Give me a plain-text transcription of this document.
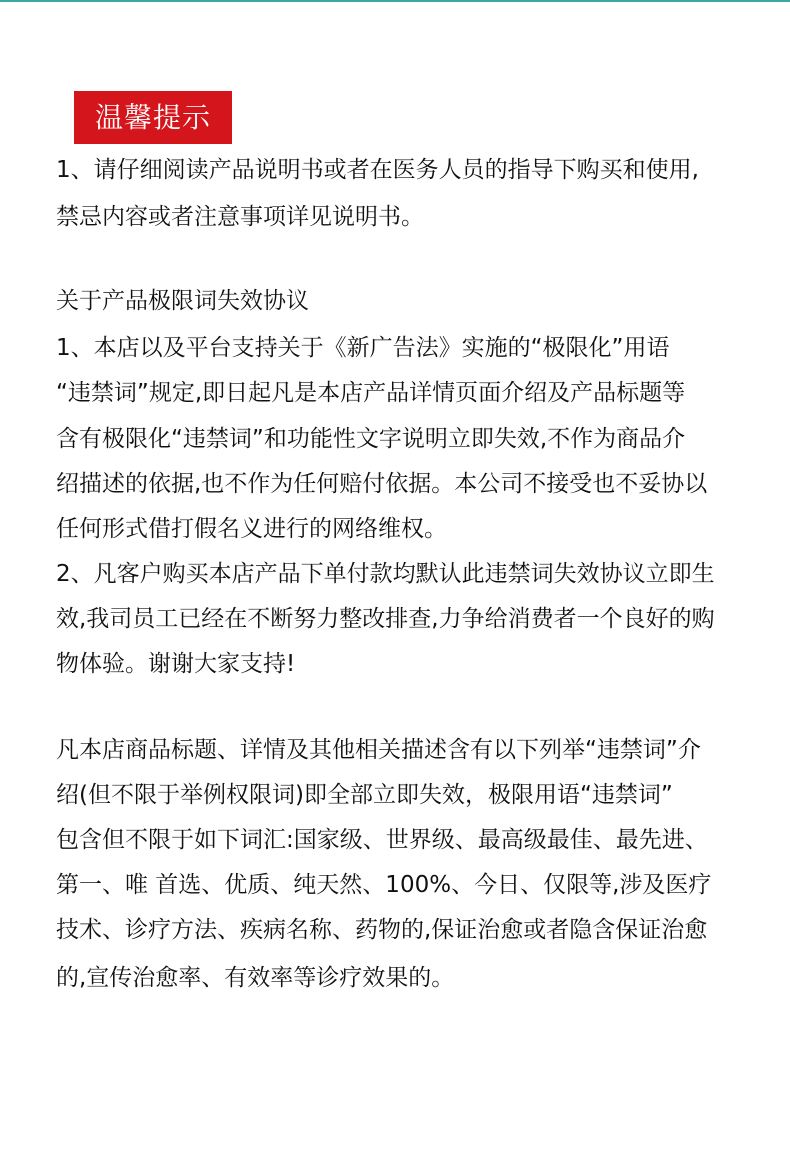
温馨提示
1、请仔细阅读产品说明书或者在医务人员的指导下购买和使用,
禁忌内容或者注意事项详见说明书。
关于产品极限词失效协议
1、本店以及平台支持关于《新广告法》实施的“极限化”用语
“违禁词”规定,即日起凡是本店产品详情页面介绍及产品标题等
含有极限化“违禁词”和功能性文字说明立即失效,不作为商品介
绍描述的依据,也不作为任何赔付依据。本公司不接受也不妥协以
任何形式借打假名义进行的网络维权。
2、凡客户购买本店产品下单付款均默认此违禁词失效协议立即生
效,我司员工已经在不断努力整改排查,力争给消费者一个良好的购
物体验。谢谢大家支持!
凡本店商品标题、详情及其他相关描述含有以下列举“违禁词”介
绍(但不限于举例权限词)即全部立即失效，极限用语“违禁词”
包含但不限于如下词汇:国家级、世界级、最高级最佳、最先进、
第一、唯 首选、优质、纯天然、100%、今日、仅限等,涉及医疗
技术、诊疗方法、疾病名称、药物的,保证治愈或者隐含保证治愈
的,宣传治愈率、有效率等诊疗效果的。
